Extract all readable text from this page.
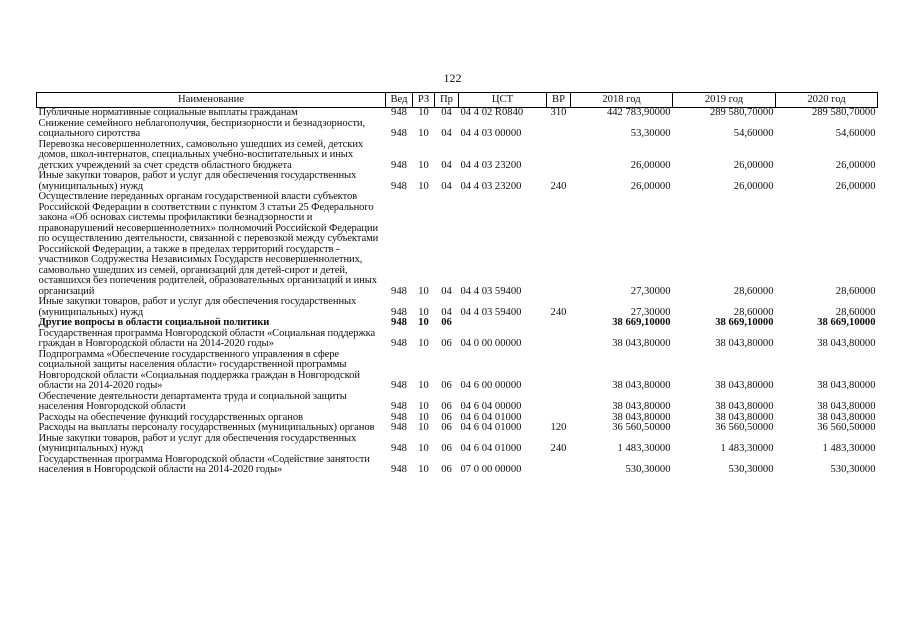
122
Наименование	Вед	РЗ	Пр	ЦСТ	ВР	2018 год	2019 год	2020 год
Публичные нормативные социальные выплаты гражданам	948	10	04	04 4 02 R0840	310	442 783,90000	289 580,70000	289 580,70000
Снижение семейного неблагополучия, беспризорности и безнадзорности, социального сиротства	948	10	04	04 4 03 00000		53,30000	54,60000	54,60000
Перевозка несовершеннолетних, самовольно ушедших из семей, детских домов, школ-интернатов, специальных учебно-воспитательных и иных детских учреждений за счет средств областного бюджета	948	10	04	04 4 03 23200		26,00000	26,00000	26,00000
Иные закупки товаров, работ и услуг для обеспечения государственных (муниципальных) нужд	948	10	04	04 4 03 23200	240	26,00000	26,00000	26,00000
Осуществление переданных органам государственной власти субъектов Российской Федерации в соответствии с пунктом 3 статьи 25 Федерального закона «Об основах системы профилактики безнадзорности и правонарушений несовершеннолетних» полномочий Российской Федерации по осуществлению деятельности, связанной с перевозкой между субъектами Российской Федерации, а также в пределах территорий государств - участников Содружества Независимых Государств несовершеннолетних, самовольно ушедших из семей, организаций для детей-сирот и детей, оставшихся без попечения родителей, образовательных организаций и иных организаций	948	10	04	04 4 03 59400		27,30000	28,60000	28,60000
Иные закупки товаров, работ и услуг для обеспечения государственных (муниципальных) нужд	948	10	04	04 4 03 59400	240	27,30000	28,60000	28,60000
Другие вопросы в области социальной политики	948	10	06			38 669,10000	38 669,10000	38 669,10000
Государственная программа Новгородской области «Социальная поддержка граждан в Новгородской области на 2014-2020 годы»	948	10	06	04 0 00 00000		38 043,80000	38 043,80000	38 043,80000
Подпрограмма «Обеспечение государственного управления в сфере социальной защиты населения области» государственной программы Новгородской области «Социальная поддержка граждан в Новгородской области на 2014-2020 годы»	948	10	06	04 6 00 00000		38 043,80000	38 043,80000	38 043,80000
Обеспечение деятельности департамента труда и социальной защиты населения Новгородской области	948	10	06	04 6 04 00000		38 043,80000	38 043,80000	38 043,80000
Расходы на обеспечение функций государственных органов	948	10	06	04 6 04 01000		38 043,80000	38 043,80000	38 043,80000
Расходы на выплаты персоналу государственных (муниципальных) органов	948	10	06	04 6 04 01000	120	36 560,50000	36 560,50000	36 560,50000
Иные закупки товаров, работ и услуг для обеспечения государственных (муниципальных) нужд	948	10	06	04 6 04 01000	240	1 483,30000	1 483,30000	1 483,30000
Государственная программа Новгородской области «Содействие занятости населения в Новгородской области на 2014-2020 годы»	948	10	06	07 0 00 00000		530,30000	530,30000	530,30000
